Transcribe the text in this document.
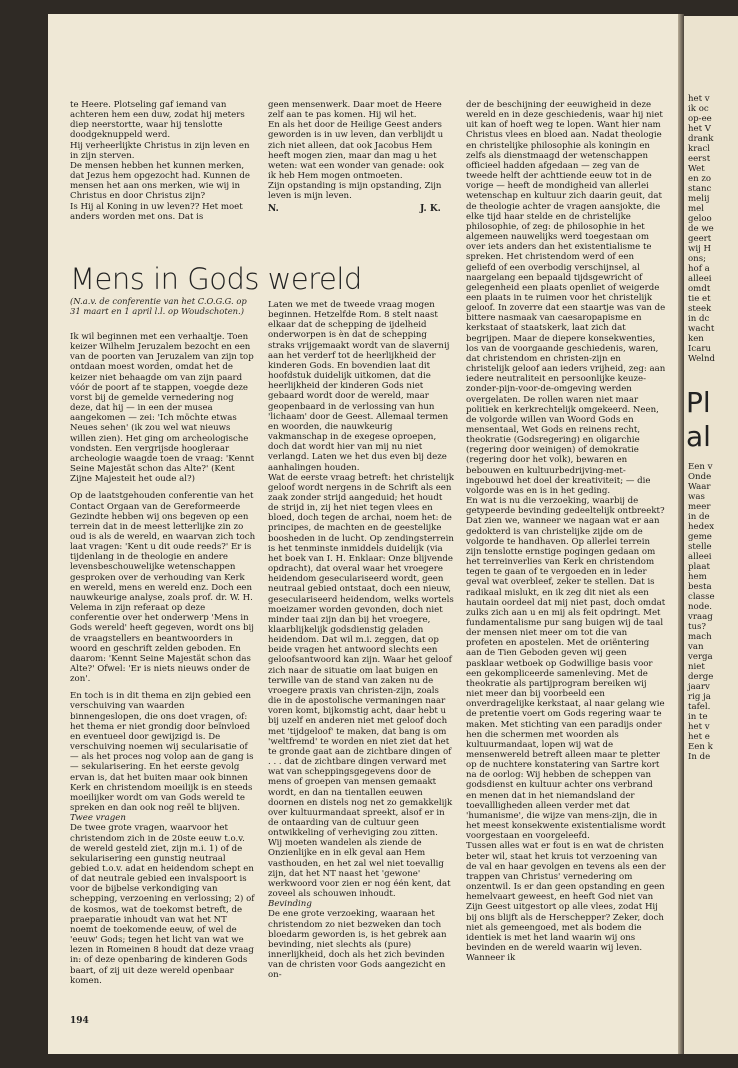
te Heere. Plotseling gaf iemand van achteren hem een duw, zodat hij meters diep neerstortte, waar hij tenslotte doodgeknuppeld werd.

Hij verheerlijkte Christus in zijn leven en in zijn sterven.

De mensen hebben het kunnen merken, dat Jezus hem opgezocht had. Kunnen de mensen het aan ons merken, wie wij in Christus en door Christus zijn?

Is Hij al Koning in uw leven?? Het moet anders worden met ons. Dat is

geen mensenwerk. Daar moet de Heere zelf aan te pas komen. Hij wil het.

En als het door de Heilige Geest anders geworden is in uw leven, dan verblijdt u zich niet alleen, dat ook Jacobus Hem heeft mogen zien, maar dan mag u het weten: wat een wonder van genade: ook ik heb Hem mogen ontmoeten.

Zijn opstanding is mijn opstanding, Zijn leven is mijn leven.

N.	J. K.
Mens in Gods wereld
(N.a.v. de conferentie van het C.O.G.G. op 31 maart en 1 april l.l. op Woudschoten.)

Ik wil beginnen met een verhaaltje. Toen keizer Wilhelm Jeruzalem bezocht en een van de poorten van Jeruzalem van zijn top ontdaan moest worden, omdat het de keizer niet behaagde om van zijn paard vóór de poort af te stappen, voegde deze vorst bij de gemelde vernedering nog deze, dat hij — in een der musea aangekomen — zei: 'Ich möchte etwas Neues sehen' (ik zou wel wat nieuws willen zien). Het ging om archeologische vondsten. Een vergrijsde hoogleraar archeologie waagde toen de vraag: 'Kennt Seine Majestät schon das Alte?' (Kent Zijne Majesteit het oude al?)

Op de laatstgehouden conferentie van het Contact Orgaan van de Gereformeerde Gezindte hebben wij ons begeven op een terrein dat in de meest letterlijke zin zo oud is als de wereld, en waarvan zich toch laat vragen: 'Kent u dit oude reeds?' Er is tijdenlang in de theologie en andere levensbeschouwelijke wetenschappen gesproken over de verhouding van Kerk en wereld, mens en wereld enz. Doch een nauwkeurige analyse, zoals prof. dr. W. H. Velema in zijn referaat op deze conferentie over het onderwerp 'Mens in Gods wereld' heeft gegeven, wordt ons bij de vraagstellers en beantwoorders in woord en geschrift zelden geboden. En daarom: 'Kennt Seine Majestät schon das Alte?' Ofwel: 'Er is niets nieuws onder de zon'.

En toch is in dit thema en zijn gebied een verschuiving van waarden binnengeslopen, die ons doet vragen, of: het thema er niet grondig door beïnvloed en eventueel door gewijzigd is. De verschuiving noemen wij secularisatie of — als het proces nog volop aan de gang is — sekularisering. En het eerste gevolg ervan is, dat het buiten maar ook binnen Kerk en christendom moeilijk is en steeds moeilijker wordt om van Gods wereld te spreken en dan ook nog reël te blijven.

Twee vragen

De twee grote vragen, waarvoor het christendom zich in de 20ste eeuw t.o.v. de wereld gesteld ziet, zijn m.i. 1) of de sekularisering een gunstig neutraal gebied t.o.v. adat en heidendom schept en of dat neutrale gebied een invalspoort is voor de bijbelse verkondiging van schepping, verzoening en verlossing; 2) of de kosmos, wat de toekomst betreft, de praeparatie inhoudt van wat het NT noemt de toekomende eeuw, of wel de 'eeuw' Gods; tegen het licht van wat we lezen in Romeinen 8 houdt dat deze vraag in: of deze openbaring de kinderen Gods baart, of zij uit deze wereld openbaar komen.

Laten we met de tweede vraag mogen beginnen. Hetzelfde Rom. 8 stelt naast elkaar dat de schepping de ijdelheid onderworpen is èn dat de schepping straks vrijgemaakt wordt van de slavernij aan het verderf tot de heerlijkheid der kinderen Gods. En bovendien laat dit hoofdstuk duidelijk uitkomen, dat die heerlijkheid der kinderen Gods niet gebaard wordt door de wereld, maar geopenbaard in de verlossing van hun 'lichaam' door de Geest. Allemaal termen en woorden, die nauwkeurig vakmanschap in de exegese oproepen, doch dat wordt hier van mij nu niet verlangd. Laten we het dus even bij deze aanhalingen houden.

Wat de eerste vraag betreft: het christelijk geloof wordt nergens in de Schrift als een zaak zonder strijd aangeduid; het houdt de strijd in, zij het niet tegen vlees en bloed, doch tegen de archai, noem het: de principes, de machten en de geestelijke boosheden in de lucht. Op zendingsterrein is het tenminste inmiddels duidelijk (via het boek van I. H. Enklaar: Onze blijvende opdracht), dat overal waar het vroegere heidendom geseculariseerd wordt, geen neutraal gebied ontstaat, doch een nieuw, geseculariseerd heidendom, welks wortels moeizamer worden gevonden, doch niet minder taai zijn dan bij het vroegere, klaarblijkelijk godsdienstig geladen heidendom. Dat wil m.i. zeggen, dat op beide vragen het antwoord slechts een geloofsantwoord kan zijn. Waar het geloof zich naar de situatie om laat buigen en terwille van de stand van zaken nu de vroegere praxis van christen-zijn, zoals die in de apostolische vermaningen naar voren komt, bijkomstig acht, daar hebt u bij uzelf en anderen niet met geloof doch met 'tijdgeloof' te maken, dat bang is om 'weltfremd' te worden en niet ziet dat het te gronde gaat aan de zichtbare dingen of . . . dat de zichtbare dingen verward met wat van scheppingsgegevens door de mens of groepen van mensen gemaakt wordt, en dan na tientallen eeuwen doornen en distels nog net zo gemakkelijk over kultuurmandaat spreekt, alsof er in de ontaarding van de cultuur geen ontwikkeling of verheviging zou zitten. Wij moeten wandelen als ziende de Onzienlijke en in elk geval aan Hem vasthouden, en het zal wel niet toevallig zijn, dat het NT naast het 'gewone' werkwoord voor zien er nog één kent, dat zoveel als schouwen inhoudt.

Bevinding

De ene grote verzoeking, waaraan het christendom zo niet bezweken dan toch bloedarm geworden is, is het gebrek aan bevinding, niet slechts als (pure) innerlijkheid, doch als het zich bevinden van de christen voor Gods aangezicht en on-

der de beschijning der eeuwigheid in deze wereld en in deze geschiedenis, waar hij niet uit kan of hoeft weg te lopen. Want hier nam Christus vlees en bloed aan. Nadat theologie en christelijke philosophie als koningin en zelfs als dienstmaagd der wetenschappen officieel hadden afgedaan — zeg van de tweede helft der achttiende eeuw tot in de vorige — heeft de mondigheid van allerlei wetenschap en kultuur zich daarin geuit, dat de theologie achter de vragen aansjokte, die elke tijd haar stelde en de christelijke philosophie, of zeg: de philosophie in het algemeen nauwelijks werd toegestaan om over iets anders dan het existentialisme te spreken. Het christendom werd of een geliefd of een overbodig verschijnsel, al naargelang een bepaald tijdsgewricht of gelegenheid een plaats openliet of weigerde een plaats in te ruimen voor het christelijk geloof. In zoverre dat een staartje was van de bittere nasmaak van caesaropapisme en kerkstaat of staatskerk, laat zich dat begrijpen. Maar de diepere konsekwenties, los van de voorgaande geschiedenis, waren, dat christendom en christen-zijn en christelijk geloof aan ieders vrijheid, zeg: aan iedere neutraliteit en persoonlijke keuze-zonder-pijn-voor-de-omgeving werden overgelaten. De rollen waren niet maar politiek en kerkrechtelijk omgekeerd. Neen, de volgorde willen van Woord Gods en mensentaal, Wet Gods en reinens recht, theokratie (Godsregering) en oligarchie (regering door weinigen) of demokratie (regering door het volk), bewaren en bebouwen en kultuurbedrijving-met-ingebouwd het doel der kreativiteit; — die volgorde was en is in het geding.

En wat is nu die verzoeking, waarbij de getypeerde bevinding gedeeltelijk ontbreekt? Dat zien we, wanneer we nagaan wat er aan gedokterd is van christelijke zijde om de volgorde te handhaven. Op allerlei terrein zijn tenslotte ernstige pogingen gedaan om het terreinverlies van Kerk en christendom tegen te gaan of te vergoeden en in leder geval wat overbleef, zeker te stellen. Dat is radikaal mislukt, en ik zeg dit niet als een hautain oordeel dat mij niet past, doch omdat zulks zich aan u en mij als feit opdringt. Met fundamentalisme pur sang buigen wij de taal der mensen niet meer om tot die van profeten en apostelen. Met de oriëntering aan de Tien Geboden geven wij geen pasklaar wetboek op Godwillige basis voor een gekompliceerde samenleving. Met de theokratie als partijprogram bereiken wij niet meer dan bij voorbeeld een onverdragelijke kerkstaat, al naar gelang wie de pretentie voert om Gods regering waar te maken. Met stichting van een paradijs onder hen die schermen met woorden als kultuurmandaat, lopen wij wat de mensenwereld betreft alleen maar te pletter op de nuchtere konstatering van Sartre kort na de oorlog: Wij hebben de scheppen van godsdienst en kultuur achter ons verbrand en menen dat in het niemandsland der toevallligheden alleen verder met dat 'humanisme', die wijze van mens-zijn, die in het meest konsekwente existentialisme wordt voorgestaan en voorgeleefd.

Tussen alles wat er fout is en wat de christen beter wil, staat het kruis tot verzoening van de val en haar gevolgen en tevens als een der trappen van Christus' vernedering om onzentwil. Is er dan geen opstanding en geen hemelvaart geweest, en heeft God niet van Zijn Geest uitgestort op alle vlees, zodat Hij bij ons blijft als de Herschepper? Zeker, doch niet als gemeengoed, met als bodem die identiek is met het land waarin wij ons bevinden en de wereld waarin wij leven. Wanneer ik

194
het v
ik oc
op-ee
het V
drank
kracl
eerst
Wet
en zo
stanc
melij
mel
geloo
de we
geert
wij H
ons;
hof a
alleei
omdt
tie et
steek
in dc
wacht
ken
Icaru
Welnd
Pl
al
Een v
Onde
Waar
was
meer
in de
hedex
geme
stelle
alleei
plaat
hem
besta
classe
node.
vraag
tus?
mach
van
verga
niet
derge
jaarv
rig ja
tafel.
in te
het v
het e
Een k
In de
